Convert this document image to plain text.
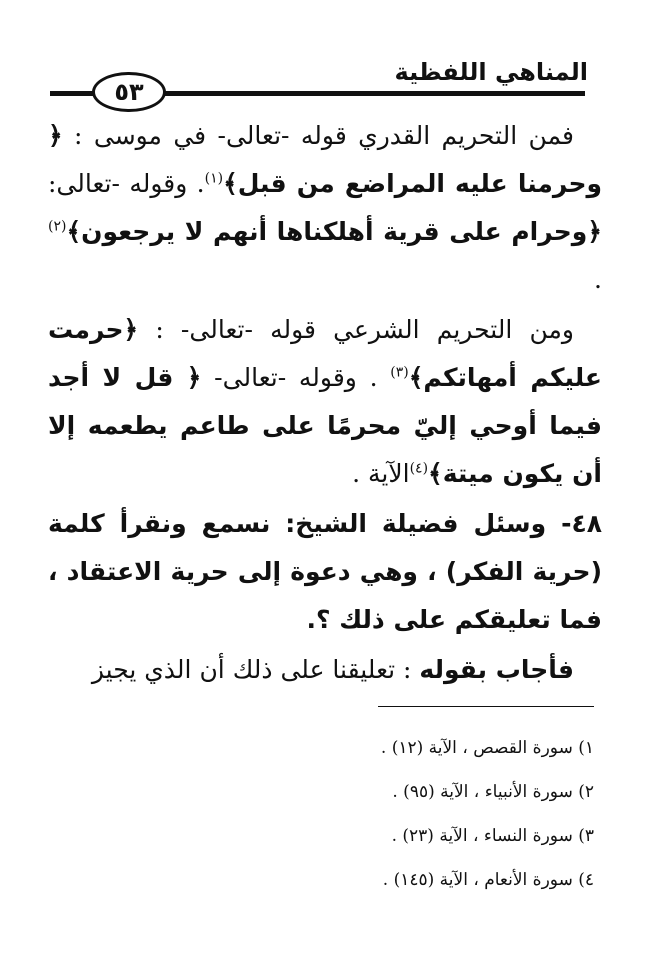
المناهي اللفظية
٥٣

فمن التحريم القدري قوله -تعالى- في موسى : ﴿ وحرمنا عليه المراضع من قبل﴾$^{(١)}$. وقوله -تعالى: ﴿وحرام على قرية أهلكناها أنهم لا يرجعون﴾$^{(٢)}$ .

ومن التحريم الشرعي قوله -تعالى- : ﴿حرمت عليكم أمهاتكم﴾$^{(٣)}$ . وقوله -تعالى- ﴿ قل لا أجد فيما أوحي إليّ محرمًا على طاعم يطعمه إلا أن يكون ميتة﴾$^{(٤)}$الآية .

٤٨- وسئل فضيلة الشيخ: نسمع ونقرأ كلمة (حرية الفكر) ، وهي دعوة إلى حرية الاعتقاد ، فما تعليقكم على ذلك ؟.

فأجاب بقوله : تعليقنا على ذلك أن الذي يجيز

١) سورة القصص ، الآية (١٢) .
٢) سورة الأنبياء ، الآية (٩٥) .
٣) سورة النساء ، الآية (٢٣) .
٤) سورة الأنعام ، الآية (١٤٥) .
